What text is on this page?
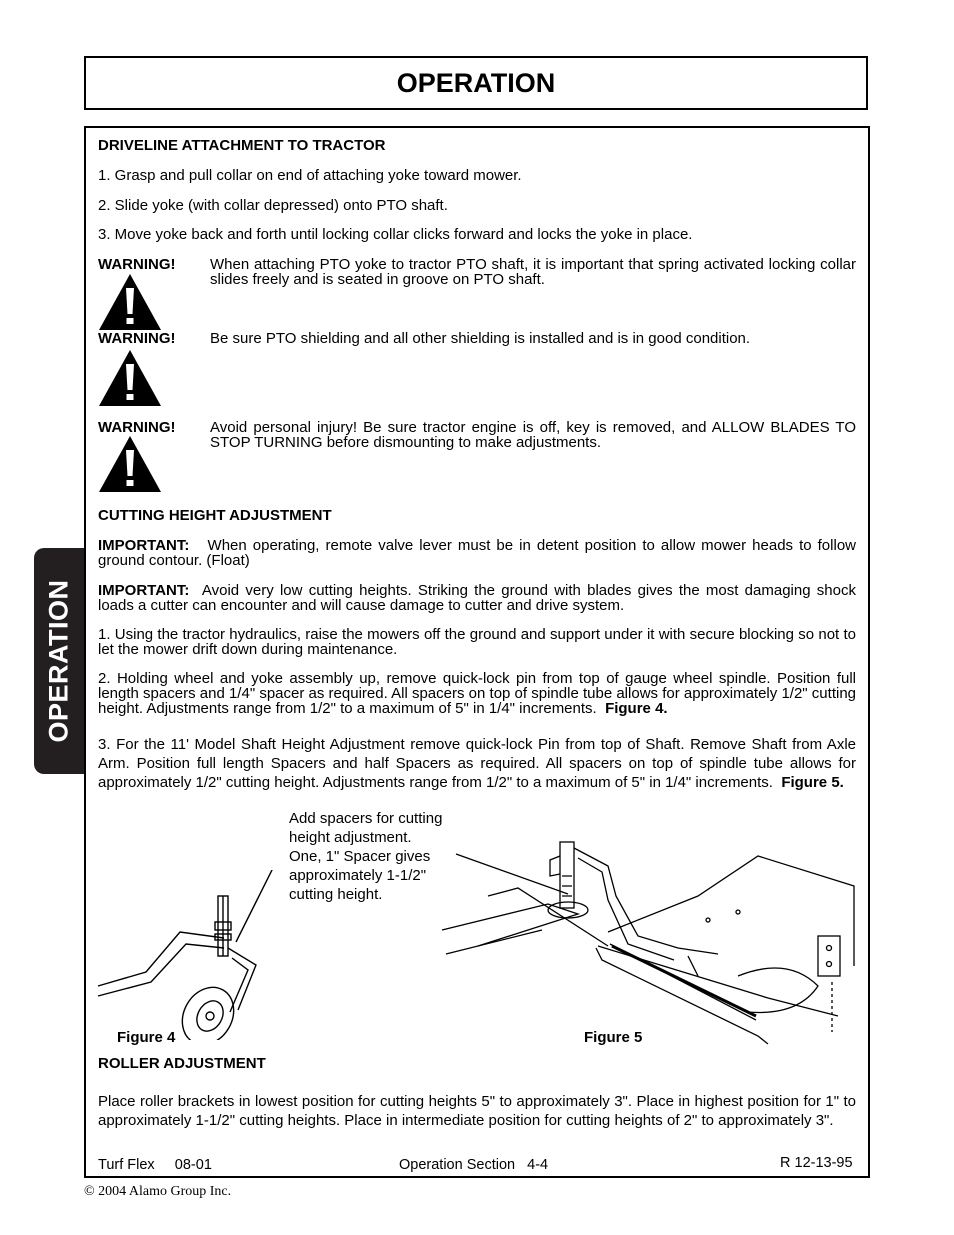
OPERATION
OPERATION
DRIVELINE ATTACHMENT TO TRACTOR
1. Grasp and pull collar on end of attaching yoke toward mower.
2. Slide yoke (with collar depressed) onto PTO shaft.
3. Move yoke back and forth until locking collar clicks forward and locks the yoke in place.
WARNING! When attaching PTO yoke to tractor PTO shaft, it is important that spring activated locking collar slides freely and is seated in groove on PTO shaft.
WARNING! Be sure PTO shielding and all other shielding is installed and is in good condition.
WARNING! Avoid personal injury! Be sure tractor engine is off, key is removed, and ALLOW BLADES TO STOP TURNING before dismounting to make adjustments.
CUTTING HEIGHT ADJUSTMENT
IMPORTANT: When operating, remote valve lever must be in detent position to allow mower heads to follow ground contour. (Float)
IMPORTANT: Avoid very low cutting heights. Striking the ground with blades gives the most damaging shock loads a cutter can encounter and will cause damage to cutter and drive system.
1. Using the tractor hydraulics, raise the mowers off the ground and support under it with secure blocking so not to let the mower drift down during maintenance.
2. Holding wheel and yoke assembly up, remove quick-lock pin from top of gauge wheel spindle. Position full length spacers and 1/4" spacer as required. All spacers on top of spindle tube allows for approximately 1/2" cutting height. Adjustments range from 1/2" to a maximum of 5" in 1/4" increments. Figure 4.
3. For the 11' Model Shaft Height Adjustment remove quick-lock Pin from top of Shaft. Remove Shaft from Axle Arm. Position full length Spacers and half Spacers as required. All spacers on top of spindle tube allows for approximately 1/2" cutting height. Adjustments range from 1/2" to a maximum of 5" in 1/4" increments. Figure 5.
Add spacers for cutting
height adjustment.
One, 1" Spacer gives
approximately 1-1/2"
cutting height.
Figure 4	Figure 5
ROLLER ADJUSTMENT
Place roller brackets in lowest position for cutting heights 5" to approximately 3". Place in highest position for 1" to approximately 1-1/2" cutting heights. Place in intermediate position for cutting heights of 2" to approximately 3".
Turf Flex     08-01	Operation Section   4-4	R 12-13-95
© 2004 Alamo Group Inc.
